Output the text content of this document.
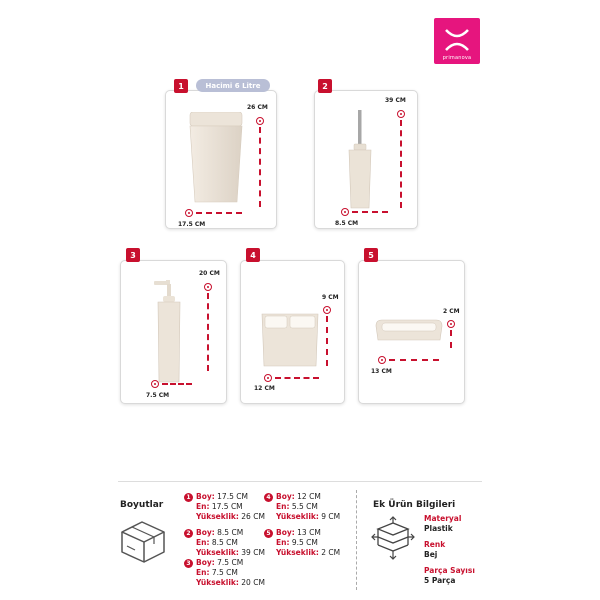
primanova
1	Hacimi 6 Litre
26 CM
17.5 CM
2
39 CM
8.5 CM
3
20 CM
7.5 CM
4
9 CM
12 CM
5
2 CM
13 CM
Boyutlar
1 Boy: 17.5 CM
En: 17.5 CM
Yükseklik: 26 CM
2 Boy: 8.5 CM
En: 8.5 CM
Yükseklik: 39 CM
3 Boy: 7.5 CM
En: 7.5 CM
Yükseklik: 20 CM
4 Boy: 12 CM
En: 5.5 CM
Yükseklik: 9 CM
5 Boy: 13 CM
En: 9.5 CM
Yükseklik: 2 CM
Ek Ürün Bilgileri
Materyal
Plastik
Renk
Bej
Parça Sayısı
5 Parça
